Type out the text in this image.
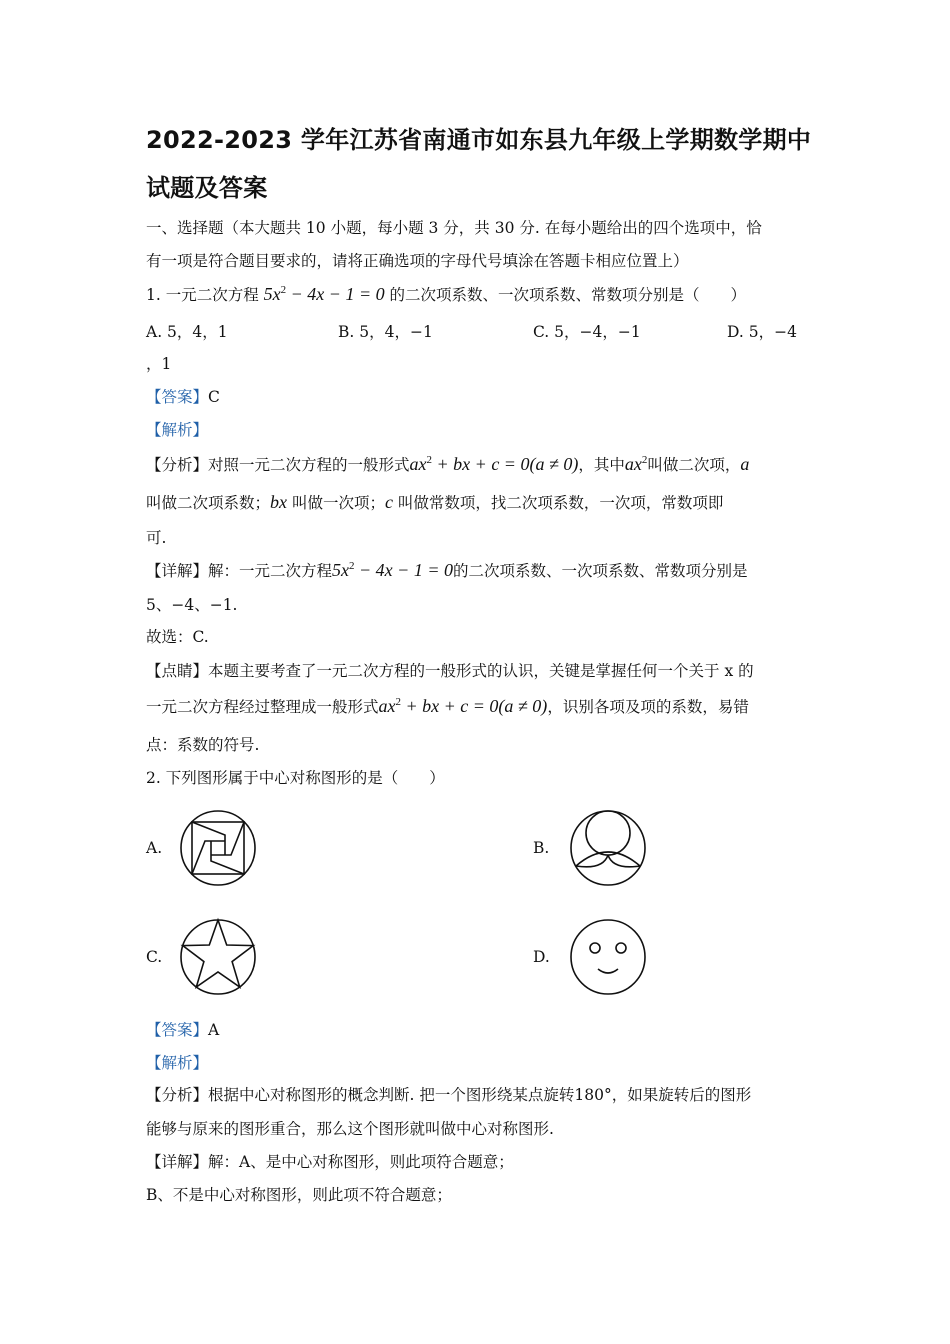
2022-2023 学年江苏省南通市如东县九年级上学期数学期中
试题及答案
一、选择题（本大题共 10 小题，每小题 3 分，共 30 分. 在每小题给出的四个选项中，恰
有一项是符合题目要求的，请将正确选项的字母代号填涂在答题卡相应位置上）
1. 一元二次方程 $5x^2 - 4x - 1 = 0$ 的二次项系数、一次项系数、常数项分别是（　　）
A. 5，4，1	B. 5，4，−1	C. 5，−4，−1	D. 5，−4
，1
【答案】C
【解析】
【分析】对照一元二次方程的一般形式$ax^2$ + bx + c = 0(a ≠ 0)，其中$ax^2$叫做二次项，a
叫做二次项系数；bx 叫做一次项；c 叫做常数项，找二次项系数，一次项，常数项即
可.
【详解】解：一元二次方程$5x^2 - 4x - 1 = 0$的二次项系数、一次项系数、常数项分别是
5、−4、−1.
故选：C.
【点睛】本题主要考查了一元二次方程的一般形式的认识，关键是掌握任何一个关于 x 的
一元二次方程经过整理成一般形式$ax^2$ + bx + c = 0(a ≠ 0)，识别各项及项的系数，易错
点：系数的符号.
2. 下列图形属于中心对称图形的是（　　）
A.	B.
C.	D.
【答案】A
【解析】
【分析】根据中心对称图形的概念判断. 把一个图形绕某点旋转180°，如果旋转后的图形
能够与原来的图形重合，那么这个图形就叫做中心对称图形.
【详解】解：A、是中心对称图形，则此项符合题意；
B、不是中心对称图形，则此项不符合题意；
